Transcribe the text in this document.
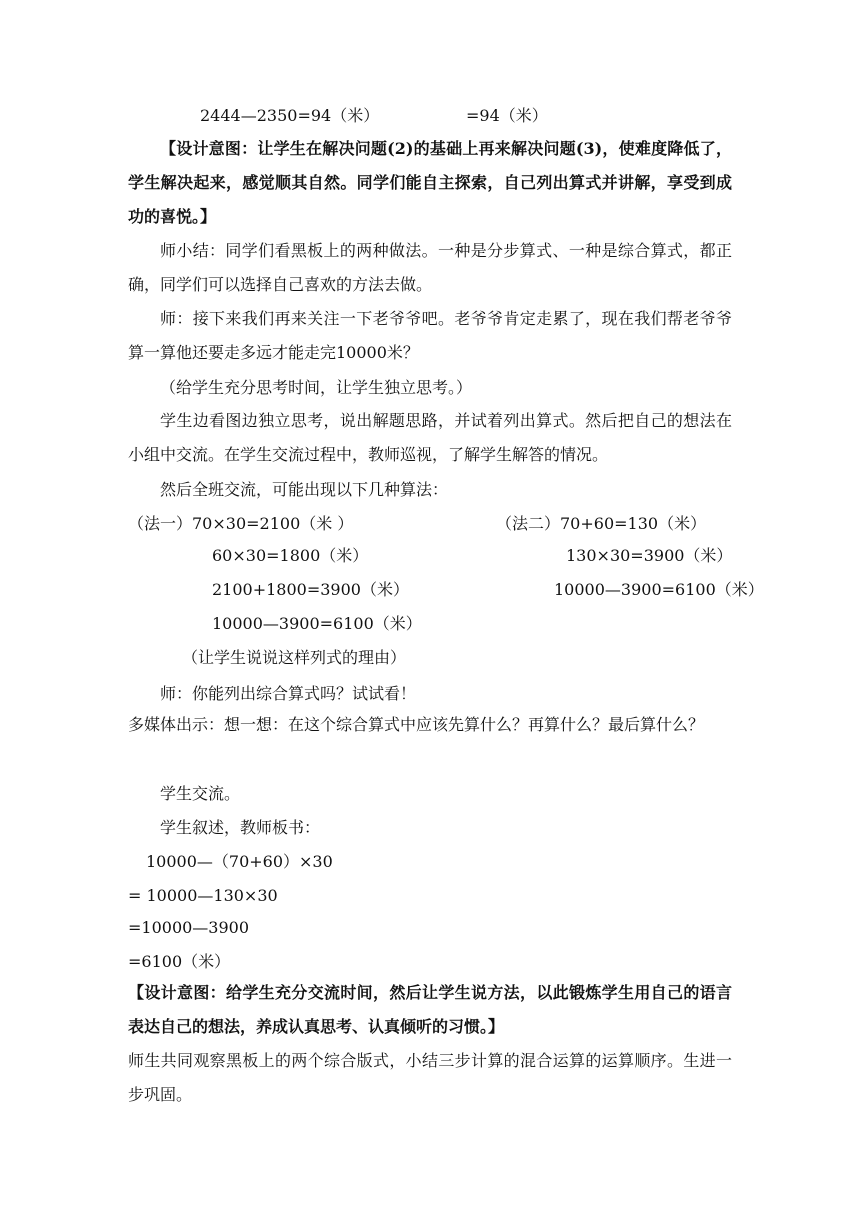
2444—2350=94（米）	=94（米）
【设计意图：让学生在解决问题(2)的基础上再来解决问题(3)，使难度降低了，学生解决起来，感觉顺其自然。同学们能自主探索，自己列出算式并讲解，享受到成功的喜悦。】
师小结：同学们看黑板上的两种做法。一种是分步算式、一种是综合算式，都正确，同学们可以选择自己喜欢的方法去做。
师：接下来我们再来关注一下老爷爷吧。老爷爷肯定走累了，现在我们帮老爷爷算一算他还要走多远才能走完10000米？
（给学生充分思考时间，让学生独立思考。）
学生边看图边独立思考，说出解题思路，并试着列出算式。然后把自己的想法在小组中交流。在学生交流过程中，教师巡视，了解学生解答的情况。
然后全班交流，可能出现以下几种算法：
（法一）70×30=2100（米 ）	（法二）70+60=130（米）
60×30=1800（米）	130×30=3900（米）
2100+1800=3900（米）	10000—3900=6100（米）
10000—3900=6100（米）
（让学生说说这样列式的理由）
师：你能列出综合算式吗？试试看！
多媒体出示：想一想：在这个综合算式中应该先算什么？再算什么？最后算什么？
学生交流。
学生叙述，教师板书：
10000—（70+60）×30
= 10000—130×30
=10000—3900
=6100（米）
【设计意图：给学生充分交流时间，然后让学生说方法，以此锻炼学生用自己的语言表达自己的想法，养成认真思考、认真倾听的习惯。】
师生共同观察黑板上的两个综合版式，小结三步计算的混合运算的运算顺序。生进一步巩固。
